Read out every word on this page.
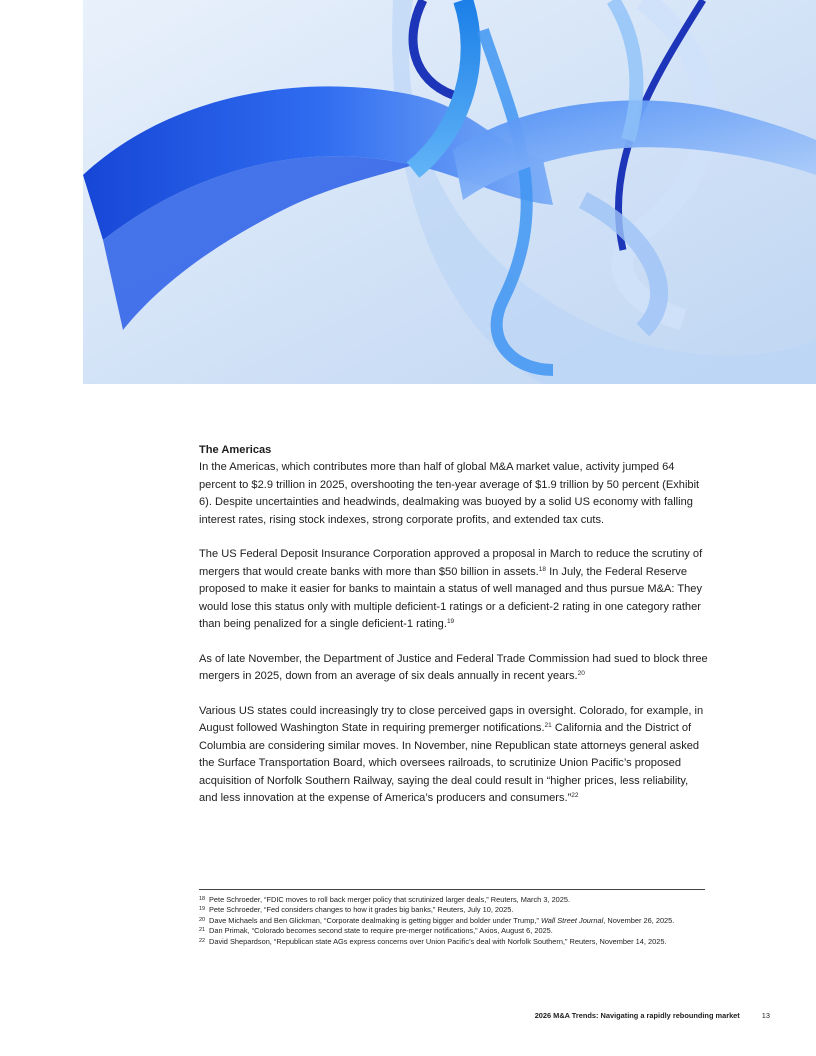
The Americas

In the Americas, which contributes more than half of global M&A market value, activity jumped 64 percent to $2.9 trillion in 2025, overshooting the ten-year average of $1.9 trillion by 50 percent (Exhibit 6). Despite uncertainties and headwinds, dealmaking was buoyed by a solid US economy with falling interest rates, rising stock indexes, strong corporate profits, and extended tax cuts.

The US Federal Deposit Insurance Corporation approved a proposal in March to reduce the scrutiny of mergers that would create banks with more than $50 billion in assets.$^{18}$ In July, the Federal Reserve proposed to make it easier for banks to maintain a status of well managed and thus pursue M&A: They would lose this status only with multiple deficient-1 ratings or a deficient-2 rating in one category rather than being penalized for a single deficient-1 rating.$^{19}$

As of late November, the Department of Justice and Federal Trade Commission had sued to block three mergers in 2025, down from an average of six deals annually in recent years.$^{20}$

Various US states could increasingly try to close perceived gaps in oversight. Colorado, for example, in August followed Washington State in requiring premerger notifications.$^{21}$ California and the District of Columbia are considering similar moves. In November, nine Republican state attorneys general asked the Surface Transportation Board, which oversees railroads, to scrutinize Union Pacific’s proposed acquisition of Norfolk Southern Railway, saying the deal could result in “higher prices, less reliability, and less innovation at the expense of America’s producers and consumers.”$^{22}$

18 Pete Schroeder, “FDIC moves to roll back merger policy that scrutinized larger deals,” Reuters, March 3, 2025.
19 Pete Schroeder, “Fed considers changes to how it grades big banks,” Reuters, July 10, 2025.
20 Dave Michaels and Ben Glickman, “Corporate dealmaking is getting bigger and bolder under Trump,” Wall Street Journal, November 26, 2025.
21 Dan Primak, “Colorado becomes second state to require pre-merger notifications,” Axios, August 6, 2025.
22 David Shepardson, “Republican state AGs express concerns over Union Pacific’s deal with Norfolk Southern,” Reuters, November 14, 2025.
2026 M&A Trends: Navigating a rapidly rebounding market	13
